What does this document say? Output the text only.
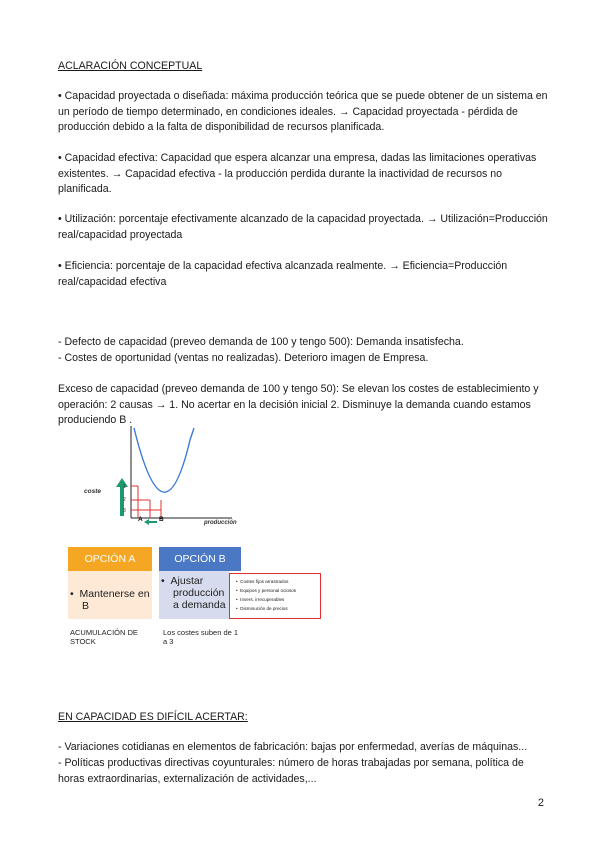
ACLARACIÓN CONCEPTUAL

• Capacidad proyectada o diseñada: máxima producción teórica que se puede obtener de un sistema en un período de tiempo determinado, en condiciones ideales. → Capacidad proyectada - pérdida de producción debido a la falta de disponibilidad de recursos planificada.

• Capacidad efectiva: Capacidad que espera alcanzar una empresa, dadas las limitaciones operativas existentes. → Capacidad efectiva - la producción perdida durante la inactividad de recursos no planificada.

• Utilización: porcentaje efectivamente alcanzado de la capacidad proyectada. → Utilización=Producción real/capacidad proyectada

• Eficiencia: porcentaje de la capacidad efectiva alcanzada realmente. → Eficiencia=Producción real/capacidad efectiva

- Defecto de capacidad (preveo demanda de 100 y tengo 500): Demanda insatisfecha.

- Costes de oportunidad (ventas no realizadas). Deterioro imagen de Empresa.

Exceso de capacidad (preveo demanda de 100 y tengo 50): Se elevan los costes de establecimiento y operación: 2 causas → 1. No acertar en la decisión inicial 2. Disminuye la demanda cuando estamos produciendo B .

coste
1
2
3
A	B	producción
OPCIÓN A
•  Mantenerse en B
ACUMULACIÓN DE STOCK
OPCIÓN B
•  Ajustar producción a demanda
•  Costes fijos arrastrados
•  Equipos y personal ociosos
•  Invers. irrecuperables
•  Disminución de precios
Los costes suben de 1 a 3

EN CAPACIDAD ES DIFÍCIL ACERTAR:

- Variaciones cotidianas en elementos de fabricación: bajas por enfermedad, averías de máquinas...

- Políticas productivas directivas coyunturales: número de horas trabajadas por semana, política de horas extraordinarias, externalización de actividades,...

2
